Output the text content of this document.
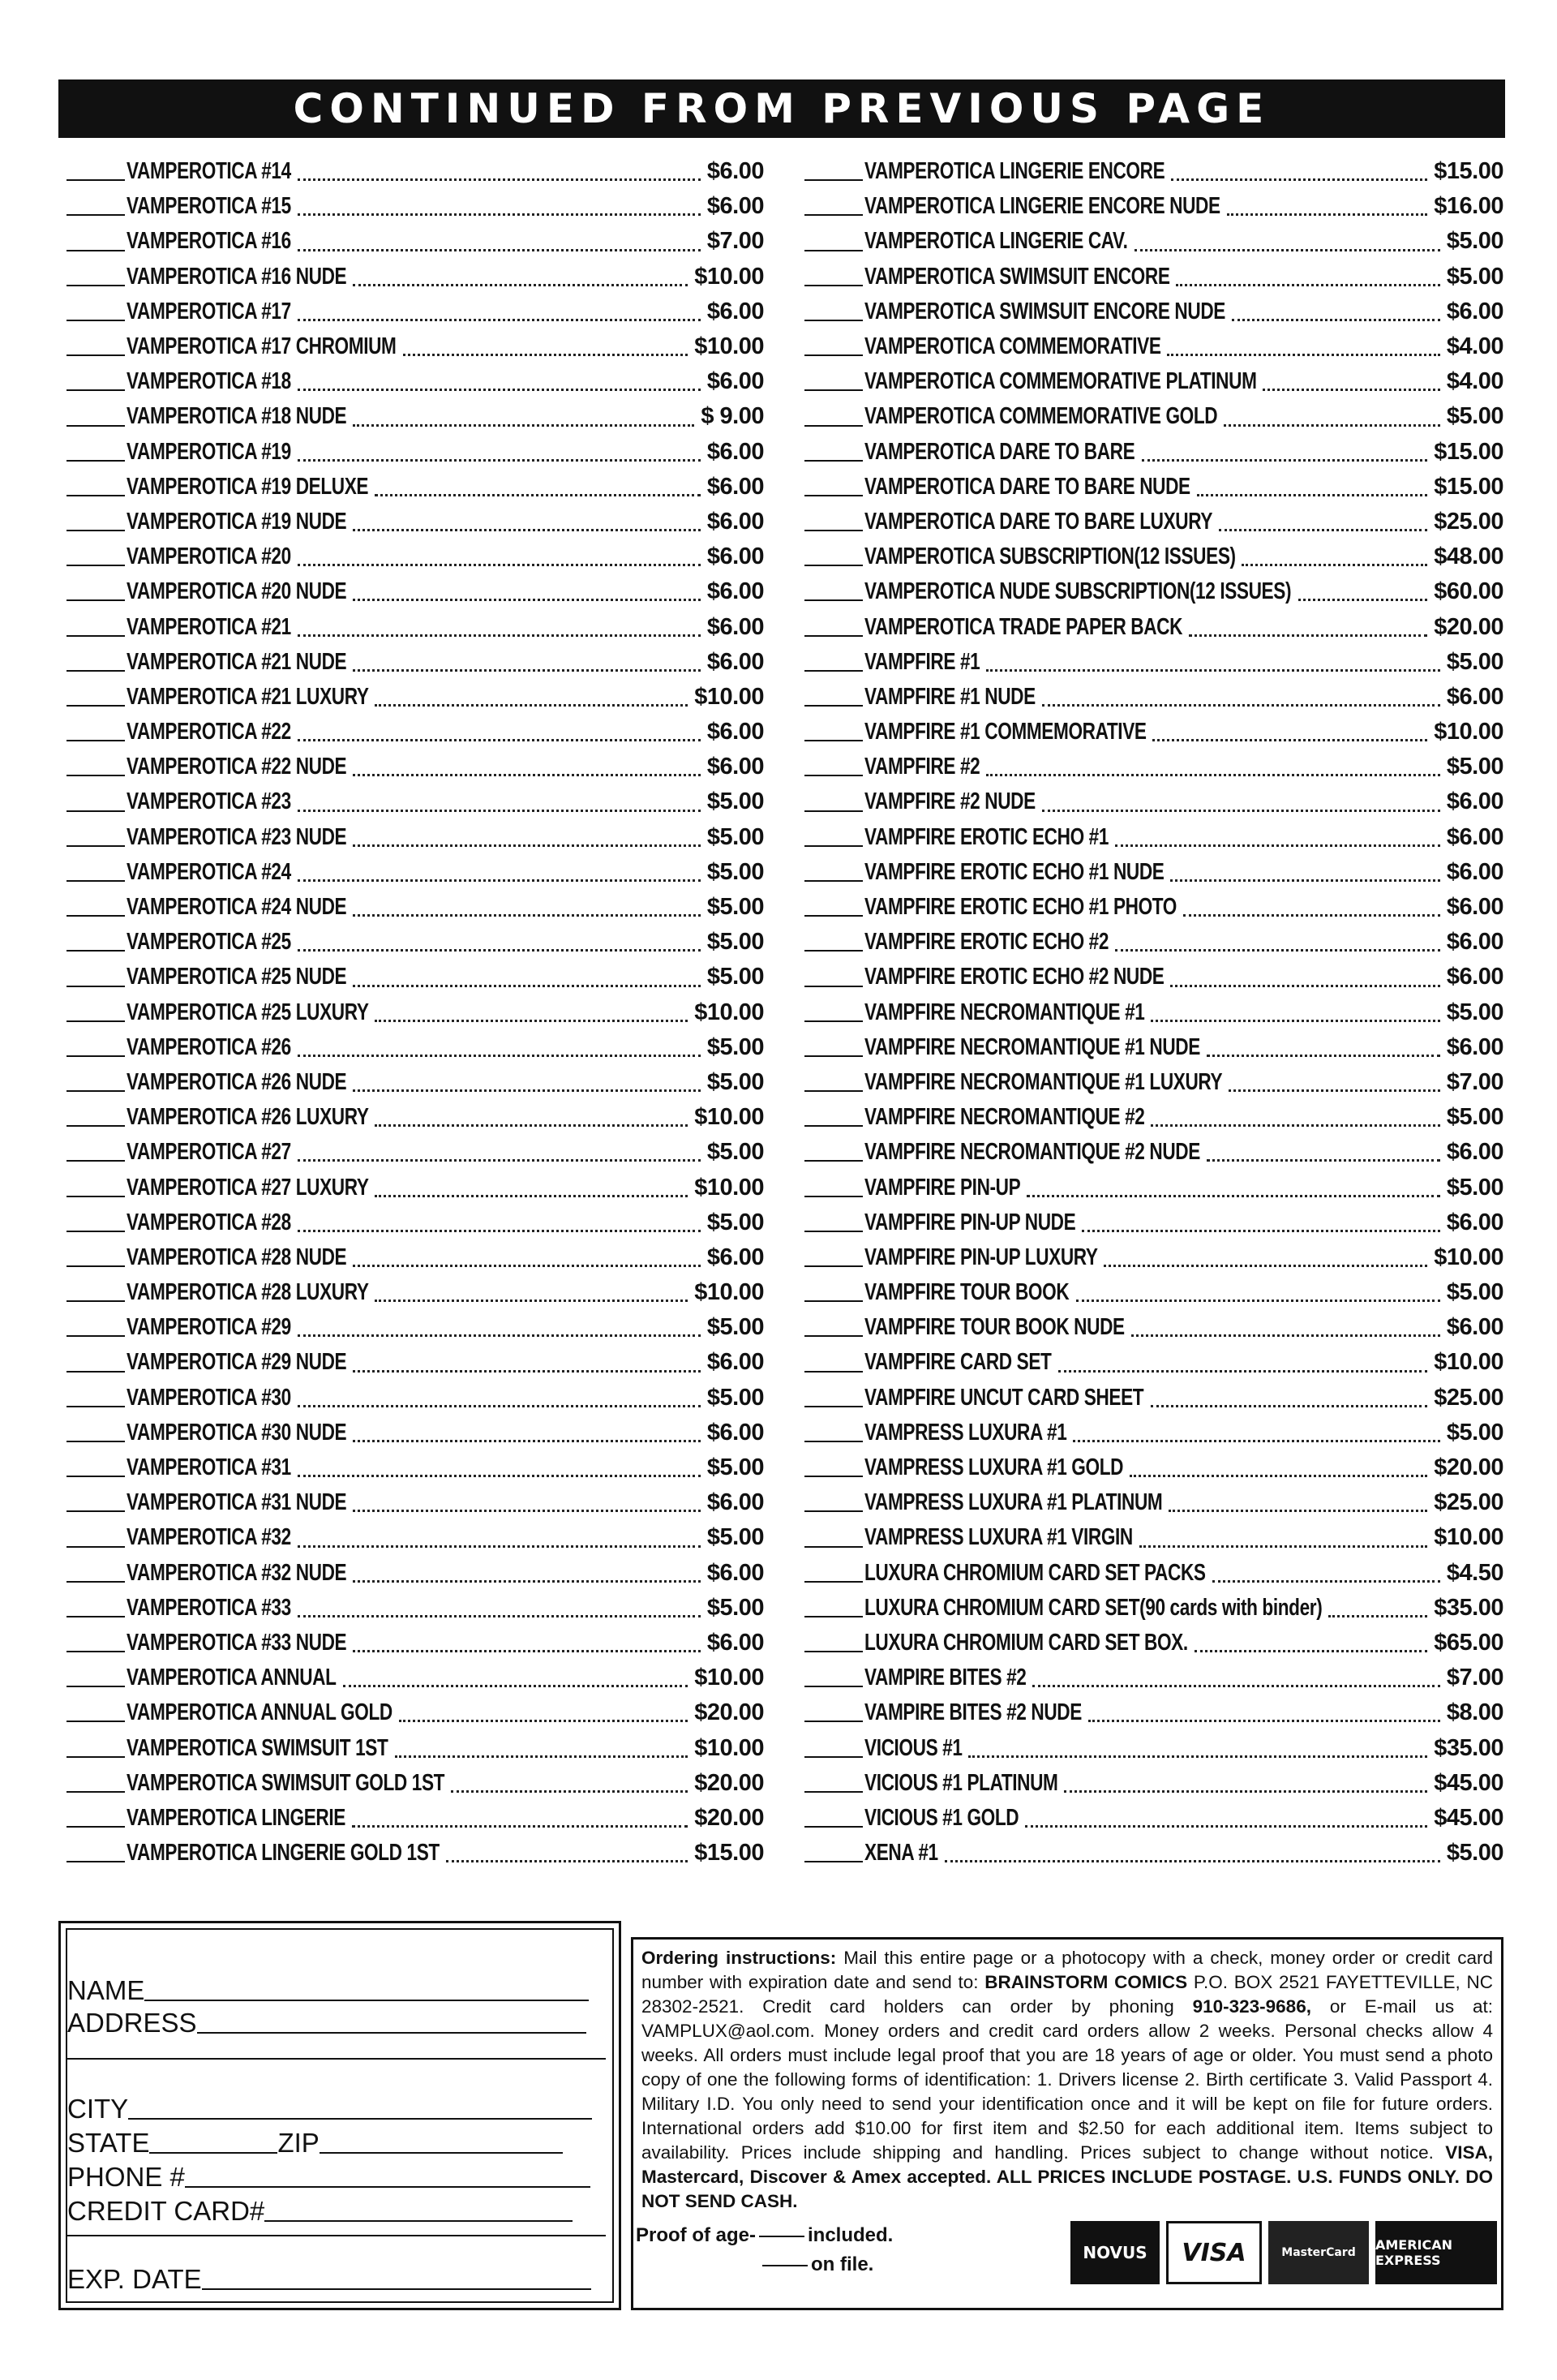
CONTINUED FROM PREVIOUS PAGE
VAMPEROTICA #14	$6.00
VAMPEROTICA #15	$6.00
VAMPEROTICA #16	$7.00
VAMPEROTICA #16 NUDE	$10.00
VAMPEROTICA #17	$6.00
VAMPEROTICA #17 CHROMIUM	$10.00
VAMPEROTICA #18	$6.00
VAMPEROTICA #18 NUDE	$ 9.00
VAMPEROTICA #19	$6.00
VAMPEROTICA #19 DELUXE	$6.00
VAMPEROTICA #19 NUDE	$6.00
VAMPEROTICA #20	$6.00
VAMPEROTICA #20 NUDE	$6.00
VAMPEROTICA #21	$6.00
VAMPEROTICA #21 NUDE	$6.00
VAMPEROTICA #21 LUXURY	$10.00
VAMPEROTICA #22	$6.00
VAMPEROTICA #22 NUDE	$6.00
VAMPEROTICA #23	$5.00
VAMPEROTICA #23 NUDE	$5.00
VAMPEROTICA #24	$5.00
VAMPEROTICA #24 NUDE	$5.00
VAMPEROTICA #25	$5.00
VAMPEROTICA #25 NUDE	$5.00
VAMPEROTICA #25 LUXURY	$10.00
VAMPEROTICA #26	$5.00
VAMPEROTICA #26 NUDE	$5.00
VAMPEROTICA #26 LUXURY	$10.00
VAMPEROTICA #27	$5.00
VAMPEROTICA #27 LUXURY	$10.00
VAMPEROTICA #28	$5.00
VAMPEROTICA #28 NUDE	$6.00
VAMPEROTICA #28 LUXURY	$10.00
VAMPEROTICA #29	$5.00
VAMPEROTICA #29 NUDE	$6.00
VAMPEROTICA #30	$5.00
VAMPEROTICA #30 NUDE	$6.00
VAMPEROTICA #31	$5.00
VAMPEROTICA #31 NUDE	$6.00
VAMPEROTICA #32	$5.00
VAMPEROTICA #32 NUDE	$6.00
VAMPEROTICA #33	$5.00
VAMPEROTICA #33 NUDE	$6.00
VAMPEROTICA ANNUAL	$10.00
VAMPEROTICA ANNUAL GOLD	$20.00
VAMPEROTICA SWIMSUIT 1ST	$10.00
VAMPEROTICA SWIMSUIT GOLD 1ST	$20.00
VAMPEROTICA LINGERIE	$20.00
VAMPEROTICA LINGERIE GOLD 1ST	$15.00
VAMPEROTICA LINGERIE ENCORE	$15.00
VAMPEROTICA LINGERIE ENCORE NUDE	$16.00
VAMPEROTICA LINGERIE CAV.	$5.00
VAMPEROTICA SWIMSUIT ENCORE	$5.00
VAMPEROTICA SWIMSUIT ENCORE NUDE	$6.00
VAMPEROTICA COMMEMORATIVE	$4.00
VAMPEROTICA COMMEMORATIVE PLATINUM	$4.00
VAMPEROTICA COMMEMORATIVE GOLD	$5.00
VAMPEROTICA DARE TO BARE	$15.00
VAMPEROTICA DARE TO BARE NUDE	$15.00
VAMPEROTICA DARE TO BARE LUXURY	$25.00
VAMPEROTICA SUBSCRIPTION(12 ISSUES)	$48.00
VAMPEROTICA NUDE SUBSCRIPTION(12 ISSUES)	$60.00
VAMPEROTICA TRADE PAPER BACK	$20.00
VAMPFIRE #1	$5.00
VAMPFIRE #1 NUDE	$6.00
VAMPFIRE #1 COMMEMORATIVE	$10.00
VAMPFIRE #2	$5.00
VAMPFIRE #2 NUDE	$6.00
VAMPFIRE EROTIC ECHO #1	$6.00
VAMPFIRE EROTIC ECHO #1 NUDE	$6.00
VAMPFIRE EROTIC ECHO #1 PHOTO	$6.00
VAMPFIRE EROTIC ECHO #2	$6.00
VAMPFIRE EROTIC ECHO #2 NUDE	$6.00
VAMPFIRE NECROMANTIQUE #1	$5.00
VAMPFIRE NECROMANTIQUE #1 NUDE	$6.00
VAMPFIRE NECROMANTIQUE #1 LUXURY	$7.00
VAMPFIRE NECROMANTIQUE #2	$5.00
VAMPFIRE NECROMANTIQUE #2 NUDE	$6.00
VAMPFIRE PIN-UP	$5.00
VAMPFIRE PIN-UP NUDE	$6.00
VAMPFIRE PIN-UP LUXURY	$10.00
VAMPFIRE TOUR BOOK	$5.00
VAMPFIRE TOUR BOOK NUDE	$6.00
VAMPFIRE CARD SET	$10.00
VAMPFIRE UNCUT CARD SHEET	$25.00
VAMPRESS LUXURA #1	$5.00
VAMPRESS LUXURA #1 GOLD	$20.00
VAMPRESS LUXURA #1 PLATINUM	$25.00
VAMPRESS LUXURA #1 VIRGIN	$10.00
LUXURA CHROMIUM CARD SET PACKS	$4.50
LUXURA CHROMIUM CARD SET(90 cards with binder)	$35.00
LUXURA CHROMIUM CARD SET BOX.	$65.00
VAMPIRE BITES #2	$7.00
VAMPIRE BITES #2 NUDE	$8.00
VICIOUS #1	$35.00
VICIOUS #1 PLATINUM	$45.00
VICIOUS #1 GOLD	$45.00
XENA #1	$5.00
NAME
ADDRESS
CITY
STATE	ZIP
PHONE #
CREDIT CARD#
EXP. DATE
Ordering instructions: Mail this entire page or a photocopy with a check, money order or credit card number with expiration date and send to: BRAINSTORM COMICS P.O. BOX 2521 FAYETTEVILLE, NC 28302-2521. Credit card holders can order by phoning 910-323-9686, or E-mail us at: VAMPLUX@aol.com. Money orders and credit card orders allow 2 weeks. Personal checks allow 4 weeks. All orders must include legal proof that you are 18 years of age or older. You must send a photo copy of one the following forms of identification: 1. Drivers license 2. Birth certificate 3. Valid Passport 4. Military I.D. You only need to send your identification once and it will be kept on file for future orders. International orders add $10.00 for first item and $2.50 for each additional item. Items subject to availability. Prices include shipping and handling. Prices subject to change without notice. VISA, Mastercard, Discover & Amex accepted. ALL PRICES INCLUDE POSTAGE. U.S. FUNDS ONLY. DO NOT SEND CASH.
Proof of age-	included.
on file.
NOVUS	VISA	MasterCard AMERICAN EXPRESS
